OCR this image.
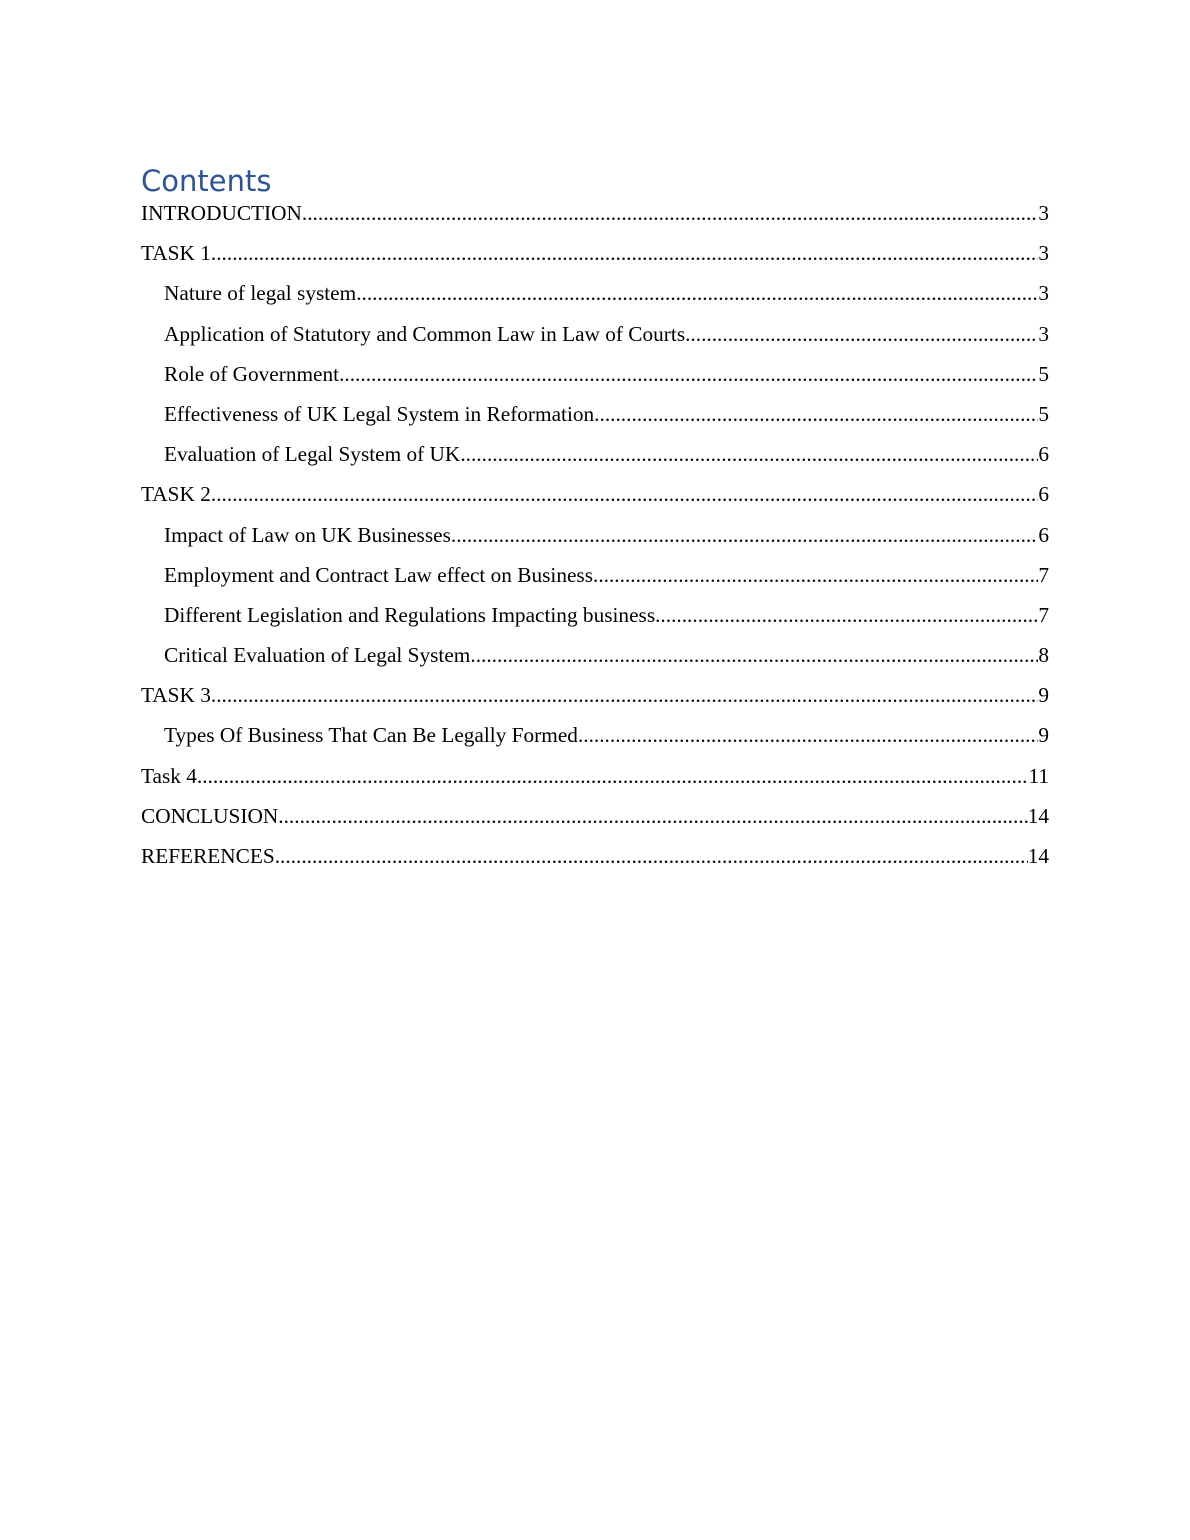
Contents
INTRODUCTION .....	3
TASK 1 .....	3
Nature of legal system .....	3
Application of Statutory and Common Law in Law of Courts .....	3
Role of Government .....	5
Effectiveness of UK Legal System in Reformation .....	5
Evaluation of Legal System of UK .....	6
TASK 2 .....	6
Impact of Law on UK Businesses .....	6
Employment and Contract Law effect on Business .....	7
Different Legislation and Regulations Impacting business .....	7
Critical Evaluation of Legal System .....	8
TASK 3 .....	9
Types Of Business That Can Be Legally Formed .....	9
Task 4 .....	11
CONCLUSION .....	14
REFERENCES .....	14
